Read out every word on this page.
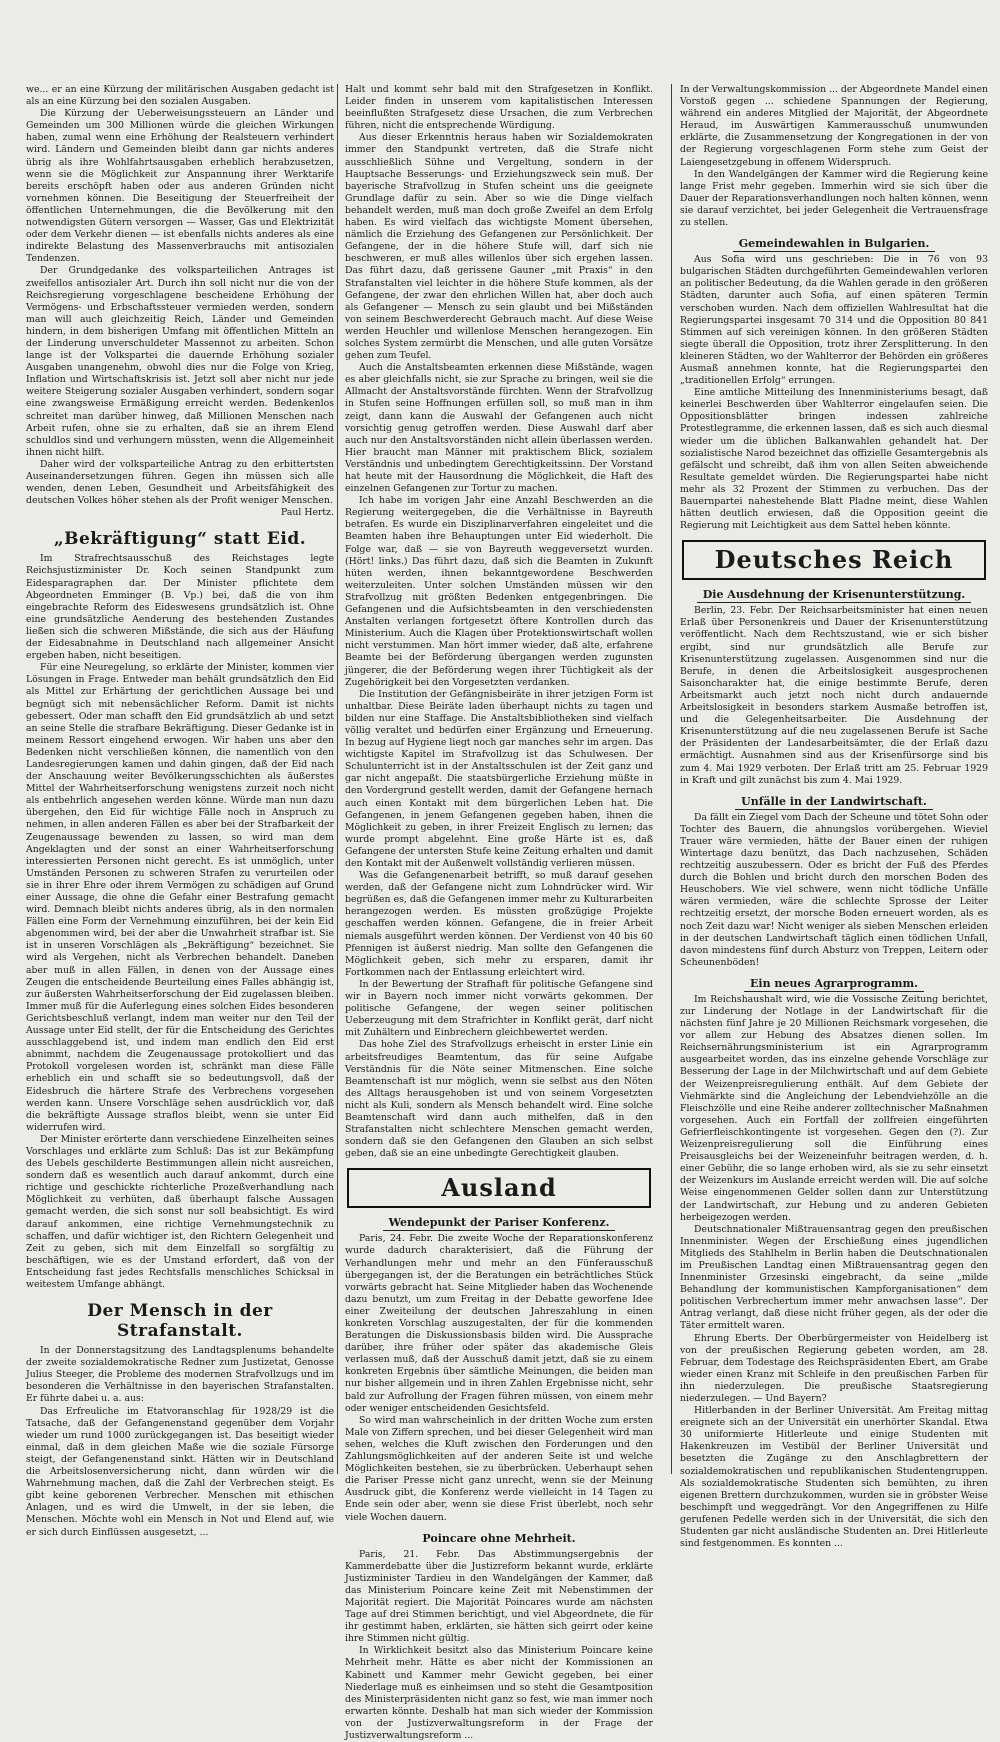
we... er an eine Kürzung der militärischen Ausgaben gedacht ist als an eine Kürzung bei den sozialen Ausgaben.

Die Kürzung der Ueberweisungssteuern an Länder und Gemeinden um 300 Millionen würde die gleichen Wirkungen haben, zumal wenn eine Erhöhung der Realsteuern verhindert wird. Ländern und Gemeinden bleibt dann gar nichts anderes übrig als ihre Wohlfahrtsausgaben erheblich herabzusetzen, wenn sie die Möglichkeit zur Anspannung ihrer Werktarife bereits erschöpft haben oder aus anderen Gründen nicht vornehmen können. Die Beseitigung der Steuerfreiheit der öffentlichen Unternehmungen, die die Bevölkerung mit den notwendigsten Gütern versorgen — Wasser, Gas und Elektrizität oder dem Verkehr dienen — ist ebenfalls nichts anderes als eine indirekte Belastung des Massenverbrauchs mit antisozialen Tendenzen.

Der Grundgedanke des volksparteilichen Antrages ist zweifellos antisozialer Art. Durch ihn soll nicht nur die von der Reichsregierung vorgeschlagene bescheidene Erhöhung der Vermögens- und Erbschaftssteuer vermieden werden, sondern man will auch gleichzeitig Reich, Länder und Gemeinden hindern, in dem bisherigen Umfang mit öffentlichen Mitteln an der Linderung unverschuldeter Massennot zu arbeiten. Schon lange ist der Volkspartei die dauernde Erhöhung sozialer Ausgaben unangenehm, obwohl dies nur die Folge von Krieg, Inflation und Wirtschaftskrisis ist. Jetzt soll aber nicht nur jede weitere Steigerung sozialer Ausgaben verhindert, sondern sogar eine zwangsweise Ermäßigung erreicht werden. Bedenkenlos schreitet man darüber hinweg, daß Millionen Menschen nach Arbeit rufen, ohne sie zu erhalten, daß sie an ihrem Elend schuldlos sind und verhungern müssten, wenn die Allgemeinheit ihnen nicht hilft.

Daher wird der volksparteiliche Antrag zu den erbittertsten Auseinandersetzungen führen. Gegen ihn müssen sich alle wenden, denen Leben, Gesundheit und Arbeitsfähigkeit des deutschen Volkes höher stehen als der Profit weniger Menschen.

Paul Hertz.

„Bekräftigung“ statt Eid.

Im Strafrechtsausschuß des Reichstages legte Reichsjustizminister Dr. Koch seinen Standpunkt zum Eidesparagraphen dar. Der Minister pflichtete dem Abgeordneten Emminger (B. Vp.) bei, daß die von ihm eingebrachte Reform des Eideswesens grundsätzlich ist. Ohne eine grundsätzliche Aenderung des bestehenden Zustandes ließen sich die schweren Mißstände, die sich aus der Häufung der Eidesabnahme in Deutschland nach allgemeiner Ansicht ergeben haben, nicht beseitigen.

Für eine Neuregelung, so erklärte der Minister, kommen vier Lösungen in Frage. Entweder man behält grundsätzlich den Eid als Mittel zur Erhärtung der gerichtlichen Aussage bei und begnügt sich mit nebensächlicher Reform. Damit ist nichts gebessert. Oder man schafft den Eid grundsätzlich ab und setzt an seine Stelle die strafbare Bekräftigung. Dieser Gedanke ist in meinem Ressort eingehend erwogen. Wir haben uns aber den Bedenken nicht verschließen können, die namentlich von den Landesregierungen kamen und dahin gingen, daß der Eid nach der Anschauung weiter Bevölkerungsschichten als äußerstes Mittel der Wahrheitserforschung wenigstens zurzeit noch nicht als entbehrlich angesehen werden könne. Würde man nun dazu übergehen, den Eid für wichtige Fälle noch in Anspruch zu nehmen, in allen anderen Fällen es aber bei der Strafbarkeit der Zeugenaussage bewenden zu lassen, so wird man dem Angeklagten und der sonst an einer Wahrheitserforschung interessierten Personen nicht gerecht. Es ist unmöglich, unter Umständen Personen zu schweren Strafen zu verurteilen oder sie in ihrer Ehre oder ihrem Vermögen zu schädigen auf Grund einer Aussage, die ohne die Gefahr einer Bestrafung gemacht wird. Demnach bleibt nichts anderes übrig, als in den normalen Fällen eine Form der Vernehmung einzuführen, bei der kein Eid abgenommen wird, bei der aber die Unwahrheit strafbar ist. Sie ist in unseren Vorschlägen als „Bekräftigung“ bezeichnet. Sie wird als Vergehen, nicht als Verbrechen behandelt. Daneben aber muß in allen Fällen, in denen von der Aussage eines Zeugen die entscheidende Beurteilung eines Falles abhängig ist, zur äußersten Wahrheitserforschung der Eid zugelassen bleiben. Immer muß für die Auferlegung eines solchen Eides besonderen Gerichtsbeschluß verlangt, indem man weiter nur den Teil der Aussage unter Eid stellt, der für die Entscheidung des Gerichtes ausschlaggebend ist, und indem man endlich den Eid erst abnimmt, nachdem die Zeugenaussage protokolliert und das Protokoll vorgelesen worden ist, schränkt man diese Fälle erheblich ein und schafft sie so bedeutungsvoll, daß der Eidesbruch die härtere Strafe des Verbrechens vorgesehen werden kann. Unsere Vorschläge sehen ausdrücklich vor, daß die bekräftigte Aussage straflos bleibt, wenn sie unter Eid widerrufen wird.

Der Minister erörterte dann verschiedene Einzelheiten seines Vorschlages und erklärte zum Schluß: Das ist zur Bekämpfung des Uebels geschilderte Bestimmungen allein nicht ausreichen, sondern daß es wesentlich auch darauf ankommt, durch eine richtige und geschickte richterliche Prozeßverhandlung nach Möglichkeit zu verhüten, daß überhaupt falsche Aussagen gemacht werden, die sich sonst nur soll beabsichtigt. Es wird darauf ankommen, eine richtige Vernehmungstechnik zu schaffen, und dafür wichtiger ist, den Richtern Gelegenheit und Zeit zu geben, sich mit dem Einzelfall so sorgfältig zu beschäftigen, wie es der Umstand erfordert, daß von der Entscheidung fast jedes Rechtsfalls menschliches Schicksal in weitestem Umfange abhängt.

Der Mensch in der Strafanstalt.

In der Donnerstagsitzung des Landtagsplenums behandelte der zweite sozialdemokratische Redner zum Justizetat, Genosse Julius Steeger, die Probleme des modernen Strafvollzugs und im besonderen die Verhältnisse in den bayerischen Strafanstalten. Er führte dabei u. a. aus:

Das Erfreuliche im Etatvoranschlag für 1928/29 ist die Tatsache, daß der Gefangenenstand gegenüber dem Vorjahr wieder um rund 1000 zurückgegangen ist. Das beseitigt wieder einmal, daß in dem gleichen Maße wie die soziale Fürsorge steigt, der Gefangenenstand sinkt. Hätten wir in Deutschland die Arbeitslosenversicherung nicht, dann würden wir die Wahrnehmung machen, daß die Zahl der Verbrechen steigt. Es gibt keine geborenen Verbrecher. Menschen mit ethischen Anlagen, und es wird die Umwelt, in der sie leben, die Menschen. Möchte wohl ein Mensch in Not und Elend auf, wie er sich durch Einflüssen ausgesetzt, ...

Halt und kommt sehr bald mit den Strafgesetzen in Konflikt. Leider finden in unserem vom kapitalistischen Interessen beeinflußten Strafgesetz diese Ursachen, die zum Verbrechen führen, nicht die entsprechende Würdigung.

Aus dieser Erkenntnis heraus haben wir Sozialdemokraten immer den Standpunkt vertreten, daß die Strafe nicht ausschließlich Sühne und Vergeltung, sondern in der Hauptsache Besserungs- und Erziehungszweck sein muß. Der bayerische Strafvollzug in Stufen scheint uns die geeignete Grundlage dafür zu sein. Aber so wie die Dinge vielfach behandelt werden, muß man doch große Zweifel an dem Erfolg haben. Es wird vielfach das wichtigste Moment übersehen, nämlich die Erziehung des Gefangenen zur Persönlichkeit. Der Gefangene, der in die höhere Stufe will, darf sich nie beschweren, er muß alles willenlos über sich ergehen lassen. Das führt dazu, daß gerissene Gauner „mit Praxis“ in den Strafanstalten viel leichter in die höhere Stufe kommen, als der Gefangene, der zwar den ehrlichen Willen hat, aber doch auch als Gefangener — Mensch zu sein glaubt und bei Mißständen von seinem Beschwerderecht Gebrauch macht. Auf diese Weise werden Heuchler und willenlose Menschen herangezogen. Ein solches System zermürbt die Menschen, und alle guten Vorsätze gehen zum Teufel.

Auch die Anstaltsbeamten erkennen diese Mißstände, wagen es aber gleichfalls nicht, sie zur Sprache zu bringen, weil sie die Allmacht der Anstaltsvorstände fürchten. Wenn der Strafvollzug in Stufen seine Hoffnungen erfüllen soll, so muß man in ihm zeigt, dann kann die Auswahl der Gefangenen auch nicht vorsichtig genug getroffen werden. Diese Auswahl darf aber auch nur den Anstaltsvorständen nicht allein überlassen werden. Hier braucht man Männer mit praktischem Blick, sozialem Verständnis und unbedingtem Gerechtigkeitssinn. Der Vorstand hat heute mit der Hausordnung die Möglichkeit, die Haft des einzelnen Gefangenen zur Tortur zu machen.

Ich habe im vorigen Jahr eine Anzahl Beschwerden an die Regierung weitergegeben, die die Verhältnisse in Bayreuth betrafen. Es wurde ein Disziplinarverfahren eingeleitet und die Beamten haben ihre Behauptungen unter Eid wiederholt. Die Folge war, daß — sie von Bayreuth weggeversetzt wurden. (Hört! links.) Das führt dazu, daß sich die Beamten in Zukunft hüten werden, ihnen bekanntgewordene Beschwerden weiterzuleiten. Unter solchen Umständen müssen wir den Strafvollzug mit größten Bedenken entgegenbringen. Die Gefangenen und die Aufsichtsbeamten in den verschiedensten Anstalten verlangen fortgesetzt öftere Kontrollen durch das Ministerium. Auch die Klagen über Protektionswirtschaft wollen nicht verstummen. Man hört immer wieder, daß alte, erfahrene Beamte bei der Beförderung übergangen werden zugunsten jüngerer, die der Beförderung wegen ihrer Tüchtigkeit als der Zugehörigkeit bei den Vorgesetzten verdanken.

Die Institution der Gefängnisbeiräte in ihrer jetzigen Form ist unhaltbar. Diese Beiräte laden überhaupt nichts zu tagen und bilden nur eine Staffage. Die Anstaltsbibliotheken sind vielfach völlig veraltet und bedürfen einer Ergänzung und Erneuerung. In bezug auf Hygiene liegt noch gar manches sehr im argen. Das wichtigste Kapitel im Strafvollzug ist das Schulwesen. Der Schulunterricht ist in der Anstaltsschulen ist der Zeit ganz und gar nicht angepaßt. Die staatsbürgerliche Erziehung müßte in den Vordergrund gestellt werden, damit der Gefangene hernach auch einen Kontakt mit dem bürgerlichen Leben hat. Die Gefangenen, in jenem Gefangenen gegeben haben, ihnen die Möglichkeit zu geben, in ihrer Freizeit Englisch zu lernen; das wurde prompt abgelehnt. Eine große Härte ist es, daß Gefangene der untersten Stufe keine Zeitung erhalten und damit den Kontakt mit der Außenwelt vollständig verlieren müssen.

Was die Gefangenenarbeit betrifft, so muß darauf gesehen werden, daß der Gefangene nicht zum Lohndrücker wird. Wir begrüßen es, daß die Gefangenen immer mehr zu Kulturarbeiten herangezogen werden. Es müssten großzügige Projekte geschaffen werden können. Gefangene, die in freier Arbeit niemals ausgeführt werden können. Der Verdienst von 40 bis 60 Pfennigen ist äußerst niedrig. Man sollte den Gefangenen die Möglichkeit geben, sich mehr zu ersparen, damit ihr Fortkommen nach der Entlassung erleichtert wird.

In der Bewertung der Strafhaft für politische Gefangene sind wir in Bayern noch immer nicht vorwärts gekommen. Der politische Gefangene, der wegen seiner politischen Ueberzeugung mit dem Strafrichter in Konflikt gerät, darf nicht mit Zuhältern und Einbrechern gleichbewertet werden.

Das hohe Ziel des Strafvollzugs erheischt in erster Linie ein arbeitsfreudiges Beamtentum, das für seine Aufgabe Verständnis für die Nöte seiner Mitmenschen. Eine solche Beamtenschaft ist nur möglich, wenn sie selbst aus den Nöten des Alltags herausgehoben ist und von seinem Vorgesetzten nicht als Kuli, sondern als Mensch behandelt wird. Eine solche Beamtenschaft wird dann auch mithelfen, daß in den Strafanstalten nicht schlechtere Menschen gemacht werden, sondern daß sie den Gefangenen den Glauben an sich selbst geben, daß sie an eine unbedingte Gerechtigkeit glauben.

Ausland
Wendepunkt der Pariser Konferenz.

Paris, 24. Febr. Die zweite Woche der Reparationskonferenz wurde dadurch charakterisiert, daß die Führung der Verhandlungen mehr und mehr an den Fünferausschuß übergegangen ist, der die Beratungen ein beträchtliches Stück vorwärts gebracht hat. Seine Mitglieder haben das Wochenende dazu benutzt, um zum Freitag in der Debatte geworfene Idee einer Zweiteilung der deutschen Jahreszahlung in einen konkreten Vorschlag auszugestalten, der für die kommenden Beratungen die Diskussionsbasis bilden wird. Die Aussprache darüber, ihre früher oder später das akademische Gleis verlassen muß, daß der Ausschuß damit jetzt, daß sie zu einem konkreten Ergebnis über sämtliche Meinungen, die beiden man nur bisher allgemein und in ihren Zahlen Ergebnisse nicht, sehr bald zur Aufrollung der Fragen führen müssen, von einem mehr oder weniger entscheidenden Gesichtsfeld.

So wird man wahrscheinlich in der dritten Woche zum ersten Male von Ziffern sprechen, und bei dieser Gelegenheit wird man sehen, welches die Kluft zwischen den Forderungen und den Zahlungsmöglichkeiten auf der anderen Seite ist und welche Möglichkeiten bestehen, sie zu überbrücken. Ueberhaupt sehen die Pariser Presse nicht ganz unrecht, wenn sie der Meinung Ausdruck gibt, die Konferenz werde vielleicht in 14 Tagen zu Ende sein oder aber, wenn sie diese Frist überlebt, noch sehr viele Wochen dauern.

Poincare ohne Mehrheit.

Paris, 21. Febr. Das Abstimmungsergebnis der Kammerdebatte über die Justizreform bekannt wurde, erklärte Justizminister Tardieu in den Wandelgängen der Kammer, daß das Ministerium Poincare keine Zeit mit Nebenstimmen der Majorität regiert. Die Majorität Poincares wurde am nächsten Tage auf drei Stimmen berichtigt, und viel Abgeordnete, die für ihr gestimmt haben, erklärten, sie hätten sich geirrt oder keine ihre Stimmen nicht gültig.

In Wirklichkeit besitzt also das Ministerium Poincare keine Mehrheit mehr. Hätte es aber nicht der Kommissionen an Kabinett und Kammer mehr Gewicht gegeben, bei einer Niederlage muß es einheimsen und so steht die Gesamtposition des Ministerpräsidenten nicht ganz so fest, wie man immer noch erwarten könnte. Deshalb hat man sich wieder der Kommission von der Justizverwaltungsreform in der Frage der Justizverwaltungsreform ...

In der Verwaltungskommission ... der Abgeordnete Mandel einen Vorstoß gegen ... schiedene Spannungen der Regierung, während ein anderes Mitglied der Majorität, der Abgeordnete Heraud, im Auswärtigen Kammerausschuß unumwunden erklärte, die Zusammensetzung der Kongregationen in der von der Regierung vorgeschlagenen Form stehe zum Geist der Laiengesetzgebung in offenem Widerspruch.

In den Wandelgängen der Kammer wird die Regierung keine lange Frist mehr gegeben. Immerhin wird sie sich über die Dauer der Reparationsverhandlungen noch halten können, wenn sie darauf verzichtet, bei jeder Gelegenheit die Vertrauensfrage zu stellen.

Gemeindewahlen in Bulgarien.

Aus Sofia wird uns geschrieben: Die in 76 von 93 bulgarischen Städten durchgeführten Gemeindewahlen verloren an politischer Bedeutung, da die Wahlen gerade in den größeren Städten, darunter auch Sofia, auf einen späteren Termin verschoben wurden. Nach dem offiziellen Wahlresultat hat die Regierungspartei insgesamt 70 314 und die Opposition 80 841 Stimmen auf sich vereinigen können. In den größeren Städten siegte überall die Opposition, trotz ihrer Zersplitterung. In den kleineren Städten, wo der Wahlterror der Behörden ein größeres Ausmaß annehmen konnte, hat die Regierungspartei den „traditionellen Erfolg“ errungen.

Eine amtliche Mitteilung des Innenministeriums besagt, daß keinerlei Beschwerden über Wahlterror eingelaufen seien. Die Oppositionsblätter bringen indessen zahlreiche Protestlegramme, die erkennen lassen, daß es sich auch diesmal wieder um die üblichen Balkanwahlen gehandelt hat. Der sozialistische Narod bezeichnet das offizielle Gesamtergebnis als gefälscht und schreibt, daß ihm von allen Seiten abweichende Resultate gemeldet würden. Die Regierungspartei habe nicht mehr als 32 Prozent der Stimmen zu verbuchen. Das der Bauernpartei nahestehende Blatt Pladne meint, diese Wahlen hätten deutlich erwiesen, daß die Opposition geeint die Regierung mit Leichtigkeit aus dem Sattel heben könnte.

Deutsches Reich
Die Ausdehnung der Krisenunterstützung.

Berlin, 23. Febr. Der Reichsarbeitsminister hat einen neuen Erlaß über Personenkreis und Dauer der Krisenunterstützung veröffentlicht. Nach dem Rechtszustand, wie er sich bisher ergibt, sind nur grundsätzlich alle Berufe zur Krisenunterstützung zugelassen. Ausgenommen sind nur die Berufe, in denen die Arbeitslosigkeit ausgesprochenen Saisoncharakter hat, die einige bestimmte Berufe, deren Arbeitsmarkt auch jetzt noch nicht durch andauernde Arbeitslosigkeit in besonders starkem Ausmaße betroffen ist, und die Gelegenheitsarbeiter. Die Ausdehnung der Krisenunterstützung auf die neu zugelassenen Berufe ist Sache der Präsidenten der Landesarbeitsämter, die der Erlaß dazu ermächtigt. Ausnahmen sind aus der Krisenfürsorge sind bis zum 4. Mai 1929 verboten. Der Erlaß tritt am 25. Februar 1929 in Kraft und gilt zunächst bis zum 4. Mai 1929.

Unfälle in der Landwirtschaft.

Da fällt ein Ziegel vom Dach der Scheune und tötet Sohn oder Tochter des Bauern, die ahnungslos vorübergehen. Wieviel Trauer wäre vermieden, hätte der Bauer einen der ruhigen Wintertage dazu benützt, das Dach nachzusehen, Schäden rechtzeitig auszubessern. Oder es bricht der Fuß des Pferdes durch die Bohlen und bricht durch den morschen Boden des Heuschobers. Wie viel schwere, wenn nicht tödliche Unfälle wären vermieden, wäre die schlechte Sprosse der Leiter rechtzeitig ersetzt, der morsche Boden erneuert worden, als es noch Zeit dazu war! Nicht weniger als sieben Menschen erleiden in der deutschen Landwirtschaft täglich einen tödlichen Unfall, davon mindestens fünf durch Absturz von Treppen, Leitern oder Scheunenböden!

Ein neues Agrarprogramm.

Im Reichshaushalt wird, wie die Vossische Zeitung berichtet, zur Linderung der Notlage in der Landwirtschaft für die nächsten fünf Jahre je 20 Millionen Reichsmark vorgesehen, die vor allem zur Hebung des Absatzes dienen sollen. Im Reichsernährungsministerium ist ein Agrarprogramm ausgearbeitet worden, das ins einzelne gehende Vorschläge zur Besserung der Lage in der Milchwirtschaft und auf dem Gebiete der Weizenpreisregulierung enthält. Auf dem Gebiete der Viehmärkte sind die Angleichung der Lebendviehzölle an die Fleischzölle und eine Reihe anderer zolltechnischer Maßnahmen vorgesehen. Auch ein Fortfall der zollfreien eingeführten Gefrierfleischkontingente ist vorgesehen. Gegen den (?). Zur Weizenpreisregulierung soll die Einführung eines Preisausgleichs bei der Weizeneinfuhr beitragen werden, d. h. einer Gebühr, die so lange erhoben wird, als sie zu sehr einsetzt der Weizenkurs im Auslande erreicht werden will. Die auf solche Weise eingenommenen Gelder sollen dann zur Unterstützung der Landwirtschaft, zur Hebung und zu anderen Gebieten herbeigezogen werden.

Deutschnationaler Mißtrauensantrag gegen den preußischen Innenminister. Wegen der Erschießung eines jugendlichen Mitglieds des Stahlhelm in Berlin haben die Deutschnationalen im Preußischen Landtag einen Mißtrauensantrag gegen den Innenminister Grzesinski eingebracht, da seine „milde Behandlung der kommunistischen Kampforganisationen“ dem politischen Verbrechertum immer mehr anwachsen lasse“. Der Antrag verlangt, daß diese nicht früher gegen, als der oder die Täter ermittelt waren.

Ehrung Eberts. Der Oberbürgermeister von Heidelberg ist von der preußischen Regierung gebeten worden, am 28. Februar, dem Todestage des Reichspräsidenten Ebert, am Grabe wieder einen Kranz mit Schleife in den preußischen Farben für ihn niederzulegen. Die preußische Staatsregierung niederzulegen. — Und Bayern?

Hitlerbanden in der Berliner Universität. Am Freitag mittag ereignete sich an der Universität ein unerhörter Skandal. Etwa 30 uniformierte Hitlerleute und einige Studenten mit Hakenkreuzen im Vestibül der Berliner Universität und besetzten die Zugänge zu den Anschlagbrettern der sozialdemokratischen und republikanischen Studentengruppen. Als sozialdemokratische Studenten sich bemühten, zu ihren eigenen Brettern durchzukommen, wurden sie in gröbster Weise beschimpft und weggedrängt. Vor den Angegriffenen zu Hilfe gerufenen Pedelle werden sich in der Universität, die sich den Studenten gar nicht ausländische Studenten an. Drei Hitlerleute sind festgenommen. Es konnten ...
